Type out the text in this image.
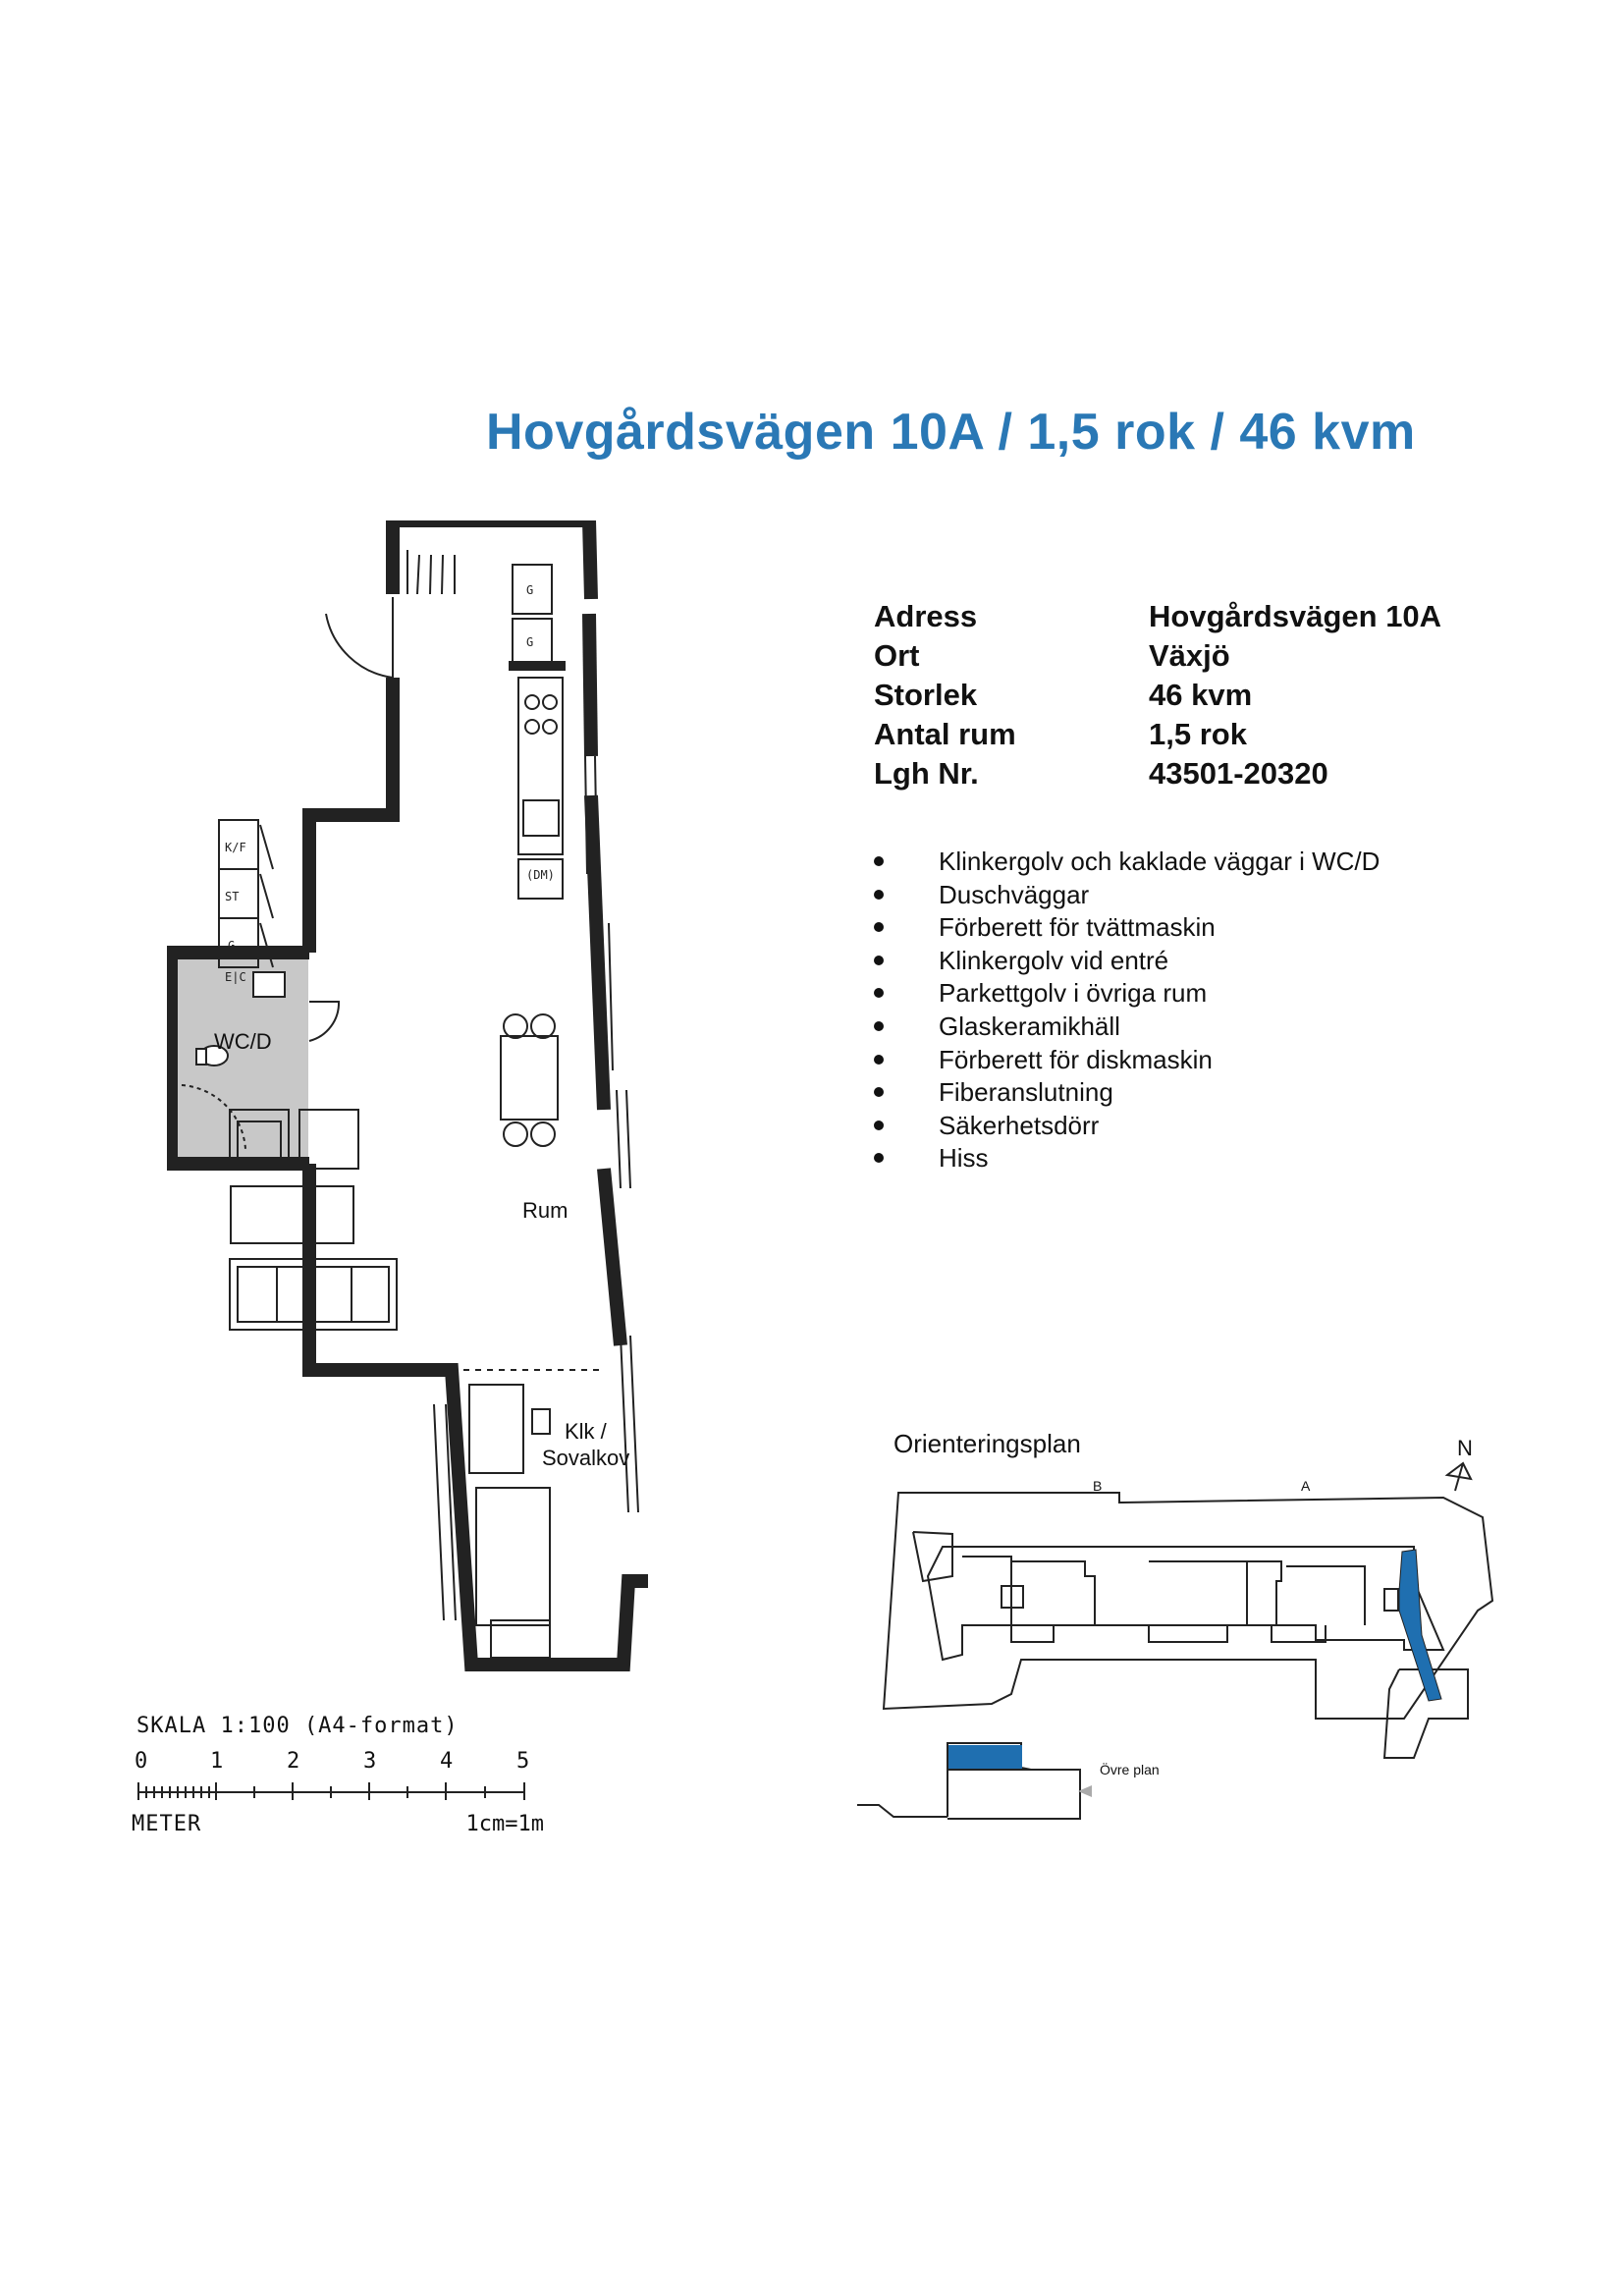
Hovgårdsvägen 10A / 1,5 rok / 46 kvm
Adress	Hovgårdsvägen 10A
Ort	Växjö
Storlek	46 kvm
Antal rum	1,5 rok
Lgh Nr.	43501-20320
Klinkergolv och kaklade väggar i WC/D
Duschväggar
Förberett för tvättmaskin
Klinkergolv vid entré
Parkettgolv i övriga rum
Glaskeramikhäll
Förberett för diskmaskin
Fiberanslutning
Säkerhetsdörr
Hiss
G
G
(DM)
K/F
ST
G
E|C
WC/D
Rum
Klk /
Sovalkov
SKALA 1:100 (A4-format)
0	1	2	3	4	5
METER	1cm=1m
Orienteringsplan	N
B	A
Övre plan
